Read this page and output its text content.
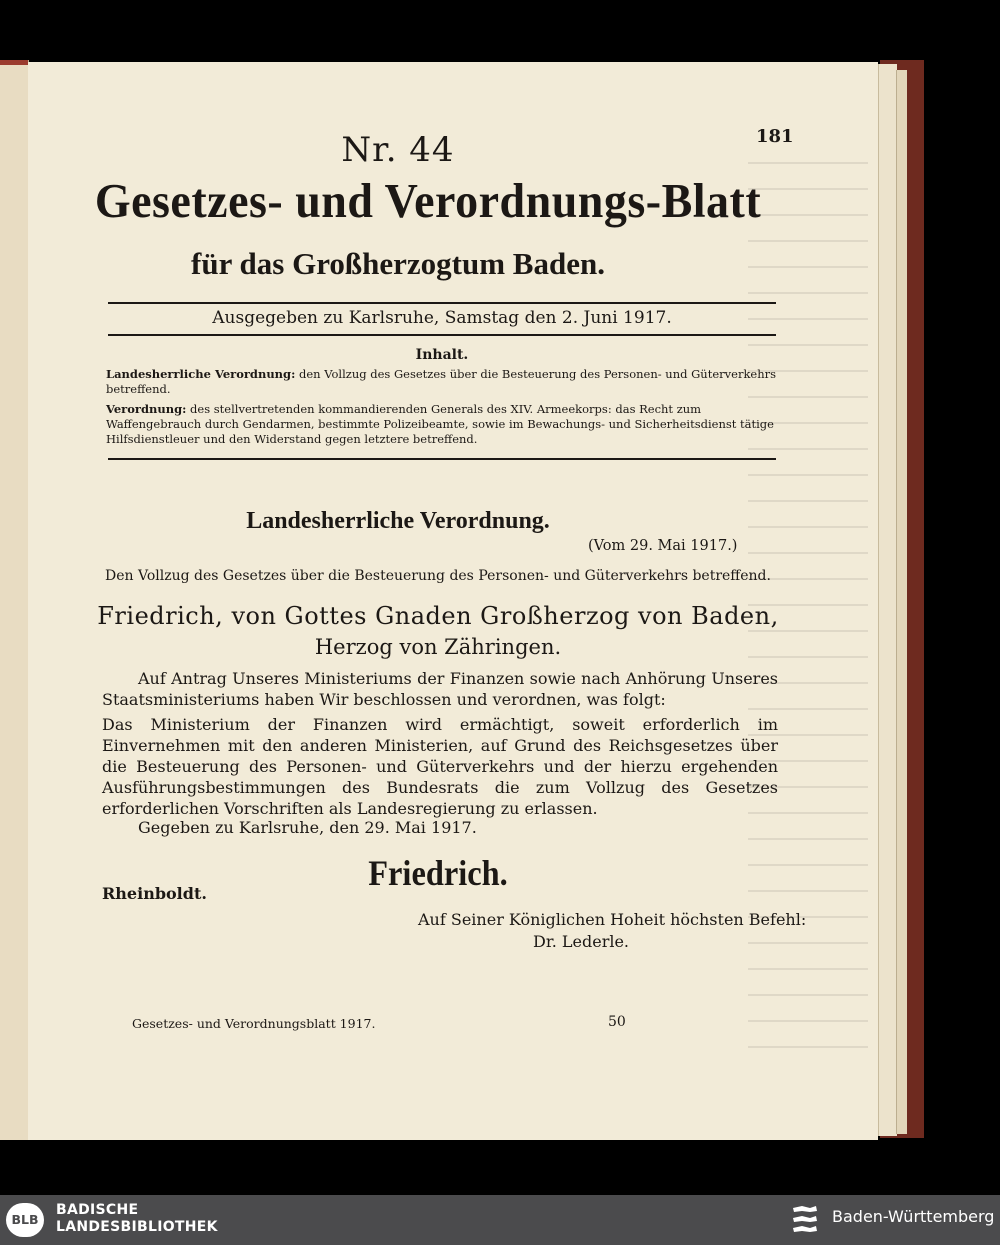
181

Nr. 44

Gesetzes- und Verordnungs-Blatt

für das Großherzogtum Baden.

Ausgegeben zu Karlsruhe, Samstag den 2. Juni 1917.

Inhalt.

Landesherrliche Verordnung: den Vollzug des Gesetzes über die Besteuerung des Personen- und Güterverkehrs betreffend.

Verordnung: des stellvertretenden kommandierenden Generals des XIV. Armeekorps: das Recht zum Waffengebrauch durch Gendarmen, bestimmte Polizeibeamte, sowie im Bewachungs- und Sicherheitsdienst tätige Hilfsdienstleuer und den Widerstand gegen letztere betreffend.

Landesherrliche Verordnung.

(Vom 29. Mai 1917.)

Den Vollzug des Gesetzes über die Besteuerung des Personen- und Güterverkehrs betreffend.

Friedrich, von Gottes Gnaden Großherzog von Baden,

Herzog von Zähringen.

Auf Antrag Unseres Ministeriums der Finanzen sowie nach Anhörung Unseres Staatsministeriums haben Wir beschlossen und verordnen, was folgt:

Das Ministerium der Finanzen wird ermächtigt, soweit erforderlich im Einvernehmen mit den anderen Ministerien, auf Grund des Reichsgesetzes über die Besteuerung des Personen- und Güterverkehrs und der hierzu ergehenden Ausführungsbestimmungen des Bundesrats die zum Vollzug des Gesetzes erforderlichen Vorschriften als Landesregierung zu erlassen.

Gegeben zu Karlsruhe, den 29. Mai 1917.

Friedrich.

Rheinboldt.

Auf Seiner Königlichen Hoheit höchsten Befehl:

Dr. Lederle.

Gesetzes- und Verordnungsblatt 1917.	50

BLB
BADISCHE
LANDESBIBLIOTHEK
Baden-Württemberg
